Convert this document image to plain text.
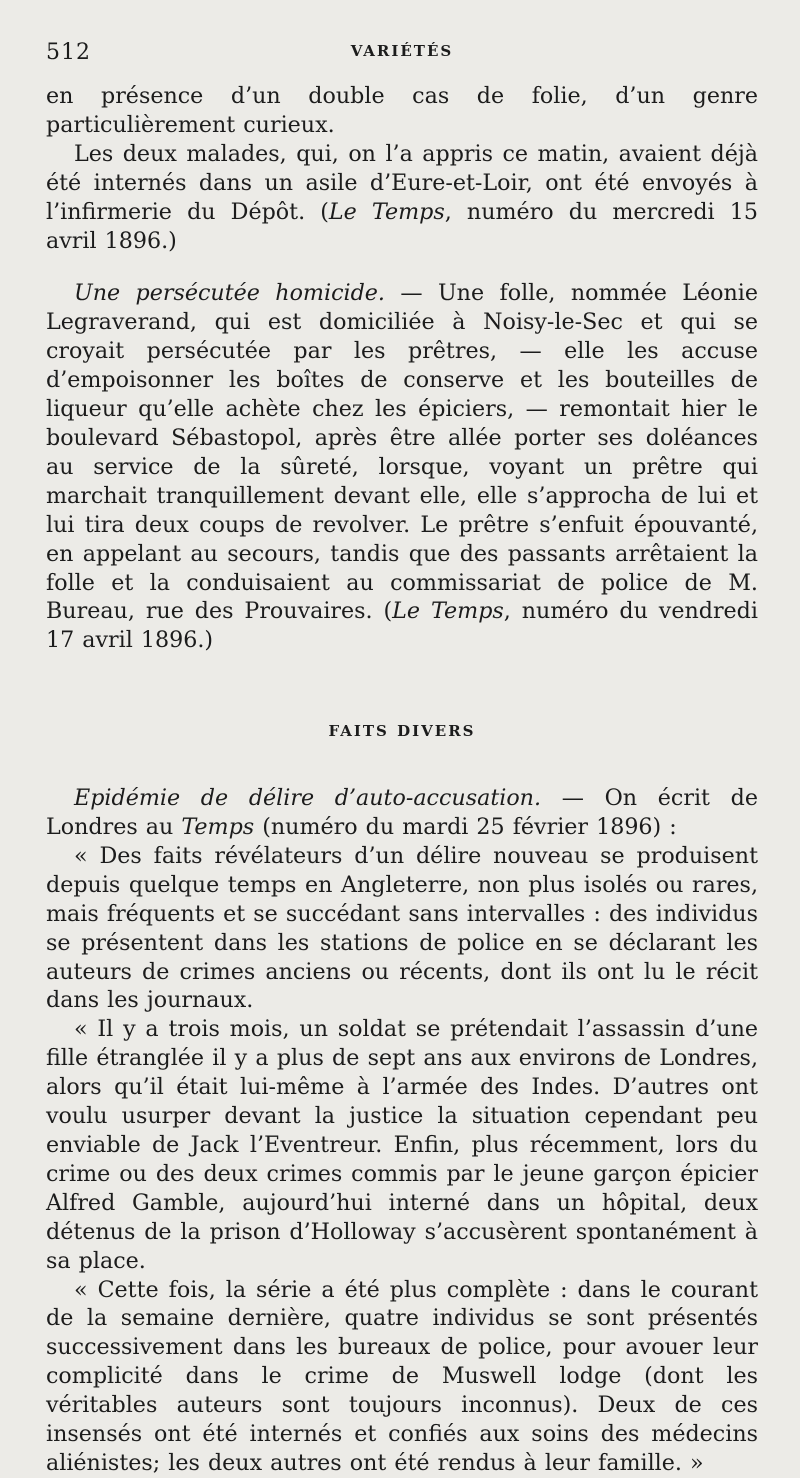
512	VARIÉTÉS

en présence d’un double cas de folie, d’un genre particulièrement curieux.

Les deux malades, qui, on l’a appris ce matin, avaient déjà été internés dans un asile d’Eure-et-Loir, ont été envoyés à l’infirmerie du Dépôt. (Le Temps, numéro du mercredi 15 avril 1896.)

Une persécutée homicide. — Une folle, nommée Léonie Legraverand, qui est domiciliée à Noisy-le-Sec et qui se croyait persécutée par les prêtres, — elle les accuse d’empoisonner les boîtes de conserve et les bouteilles de liqueur qu’elle achète chez les épiciers, — remontait hier le boulevard Sébastopol, après être allée porter ses doléances au service de la sûreté, lorsque, voyant un prêtre qui marchait tranquillement devant elle, elle s’approcha de lui et lui tira deux coups de revolver. Le prêtre s’enfuit épouvanté, en appelant au secours, tandis que des passants arrêtaient la folle et la conduisaient au commissariat de police de M. Bureau, rue des Prouvaires. (Le Temps, numéro du vendredi 17 avril 1896.)

FAITS DIVERS

Epidémie de délire d’auto-accusation. — On écrit de Londres au Temps (numéro du mardi 25 février 1896) :

« Des faits révélateurs d’un délire nouveau se produisent depuis quelque temps en Angleterre, non plus isolés ou rares, mais fréquents et se succédant sans intervalles : des individus se présentent dans les stations de police en se déclarant les auteurs de crimes anciens ou récents, dont ils ont lu le récit dans les journaux.

« Il y a trois mois, un soldat se prétendait l’assassin d’une fille étranglée il y a plus de sept ans aux environs de Londres, alors qu’il était lui-même à l’armée des Indes. D’autres ont voulu usurper devant la justice la situation cependant peu enviable de Jack l’Eventreur. Enfin, plus récemment, lors du crime ou des deux crimes commis par le jeune garçon épicier Alfred Gamble, aujourd’hui interné dans un hôpital, deux détenus de la prison d’Holloway s’accusèrent spontanément à sa place.

« Cette fois, la série a été plus complète : dans le courant de la semaine dernière, quatre individus se sont présentés successivement dans les bureaux de police, pour avouer leur complicité dans le crime de Muswell lodge (dont les véritables auteurs sont toujours inconnus). Deux de ces insensés ont été internés et confiés aux soins des médecins aliénistes; les deux autres ont été rendus à leur famille. »
